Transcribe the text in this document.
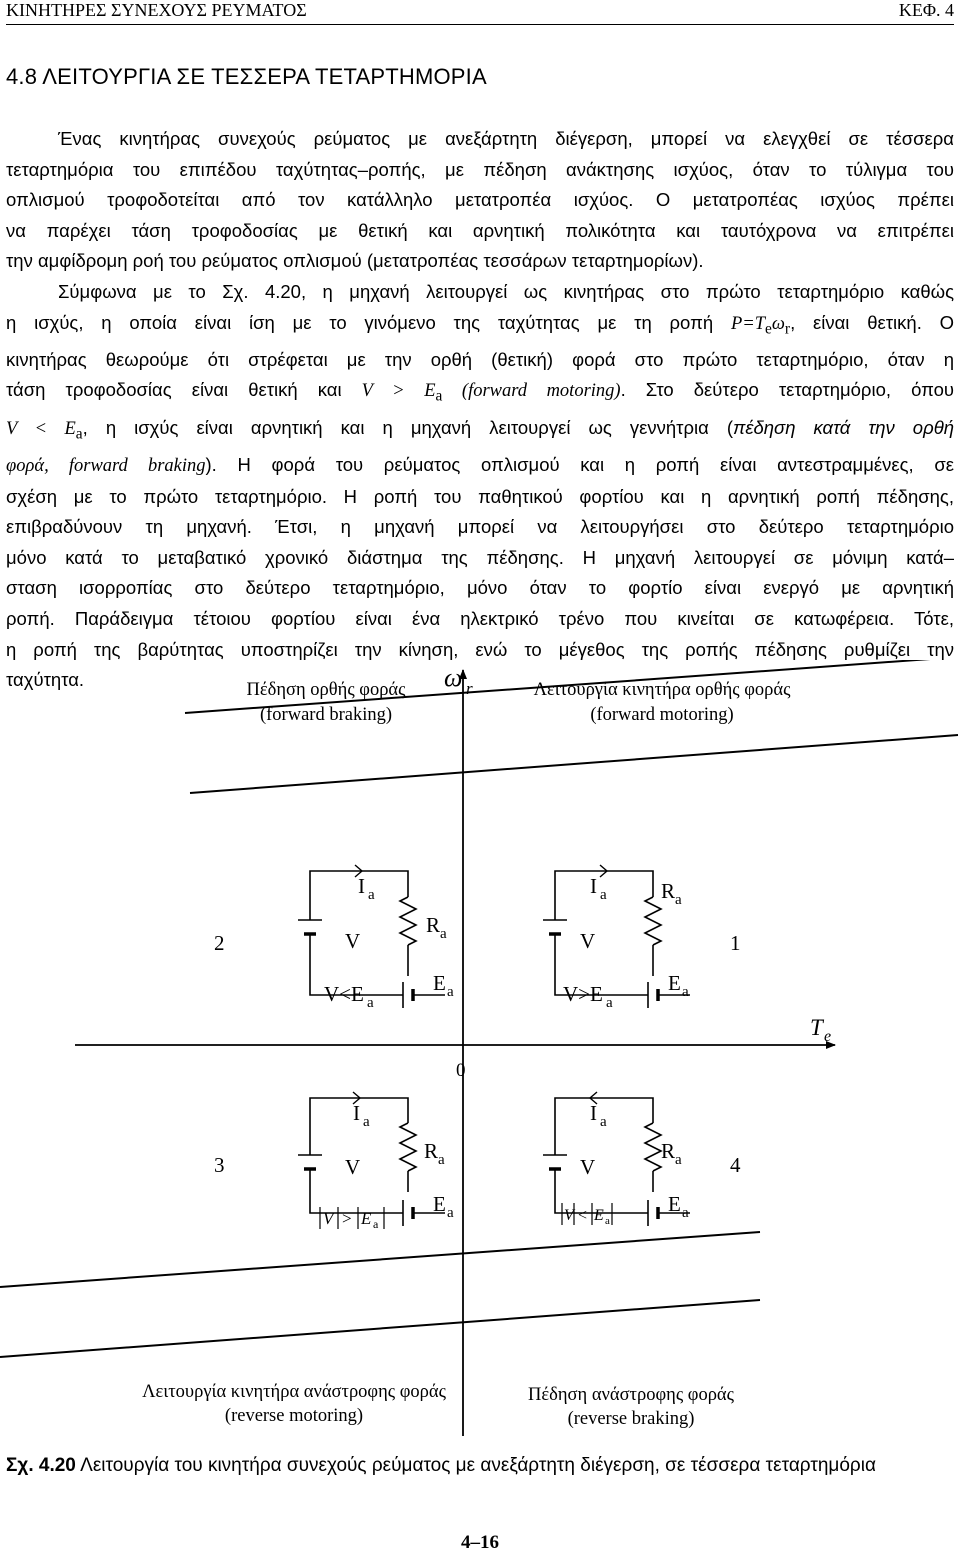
ΚΙΝΗΤΗΡΕΣ ΣΥΝΕΧΟΥΣ ΡΕΥΜΑΤΟΣ	ΚΕΦ. 4
4.8 ΛΕΙΤΟΥΡΓΙΑ ΣΕ ΤΕΣΣΕΡΑ ΤΕΤΑΡΤΗΜΟΡΙΑ
Ένας κινητήρας συνεχούς ρεύματος με ανεξάρτητη διέγερση, μπορεί να ελεγχθεί σε τέσσερα
τεταρτημόρια του επιπέδου ταχύτητας–ροπής, με πέδηση ανάκτησης ισχύος, όταν το τύλιγμα του
οπλισμού τροφοδοτείται από τον κατάλληλο μετατροπέα ισχύος. Ο μετατροπέας ισχύος πρέπει
να παρέχει τάση τροφοδοσίας με θετική και αρνητική πολικότητα και ταυτόχρονα να επιτρέπει
την αμφίδρομη ροή του ρεύματος οπλισμού (μετατροπέας τεσσάρων τεταρτημορίων).
Σύμφωνα με το Σχ. 4.20, η μηχανή λειτουργεί ως κινητήρας στο πρώτο τεταρτημόριο καθώς
η ισχύς, η οποία είναι ίση με το γινόμενο της ταχύτητας με τη ροπή $P=T_e\omega_r$, είναι θετική. Ο
κινητήρας θεωρούμε ότι στρέφεται με την ορθή (θετική) φορά στο πρώτο τεταρτημόριο, όταν η
τάση τροφοδοσίας είναι θετική και $V > E_a$ (forward motoring). Στο δεύτερο τεταρτημόριο, όπου
$V < E_a$, η ισχύς είναι αρνητική και η μηχανή λειτουργεί ως γεννήτρια (πέδηση κατά την ορθή
φορά, forward braking). Η φορά του ρεύματος οπλισμού και η ροπή είναι αντεστραμμένες, σε
σχέση με το πρώτο τεταρτημόριο. Η ροπή του παθητικού φορτίου και η αρνητική ροπή πέδησης,
επιβραδύνουν τη μηχανή. Έτσι, η μηχανή μπορεί να λειτουργήσει στο δεύτερο τεταρτημόριο
μόνο κατά το μεταβατικό χρονικό διάστημα της πέδησης. Η μηχανή λειτουργεί σε μόνιμη κατά–
σταση ισορροπίας στο δεύτερο τεταρτημόριο, μόνο όταν το φορτίο είναι ενεργό με αρνητική
ροπή. Παράδειγμα τέτοιου φορτίου είναι ένα ηλεκτρικό τρένο που κινείται σε κατωφέρεια. Τότε,
η ροπή της βαρύτητας υποστηρίζει την κίνηση, ενώ το μέγεθος της ροπής πέδησης ρυθμίζει την
ταχύτητα.	ω r
T e
0
Πέδηση ορθής φοράς
(forward braking)
Λειτουργία κινητήρα ορθής φοράς
(forward motoring)
Λειτουργία κινητήρα ανάστροφης φοράς
(reverse motoring)
Πέδηση ανάστροφης φοράς
(reverse braking)
2	1
3	4
I a
R a
V
E a
V<E a
I a	R a
V
E a
V>E a
I a
R a
V
E a
V > E a
I a
R a
V
E a
V < E a
Σχ. 4.20 Λειτουργία του κινητήρα συνεχούς ρεύματος με ανεξάρτητη διέγερση, σε τέσσερα τεταρτημόρια
4–16
